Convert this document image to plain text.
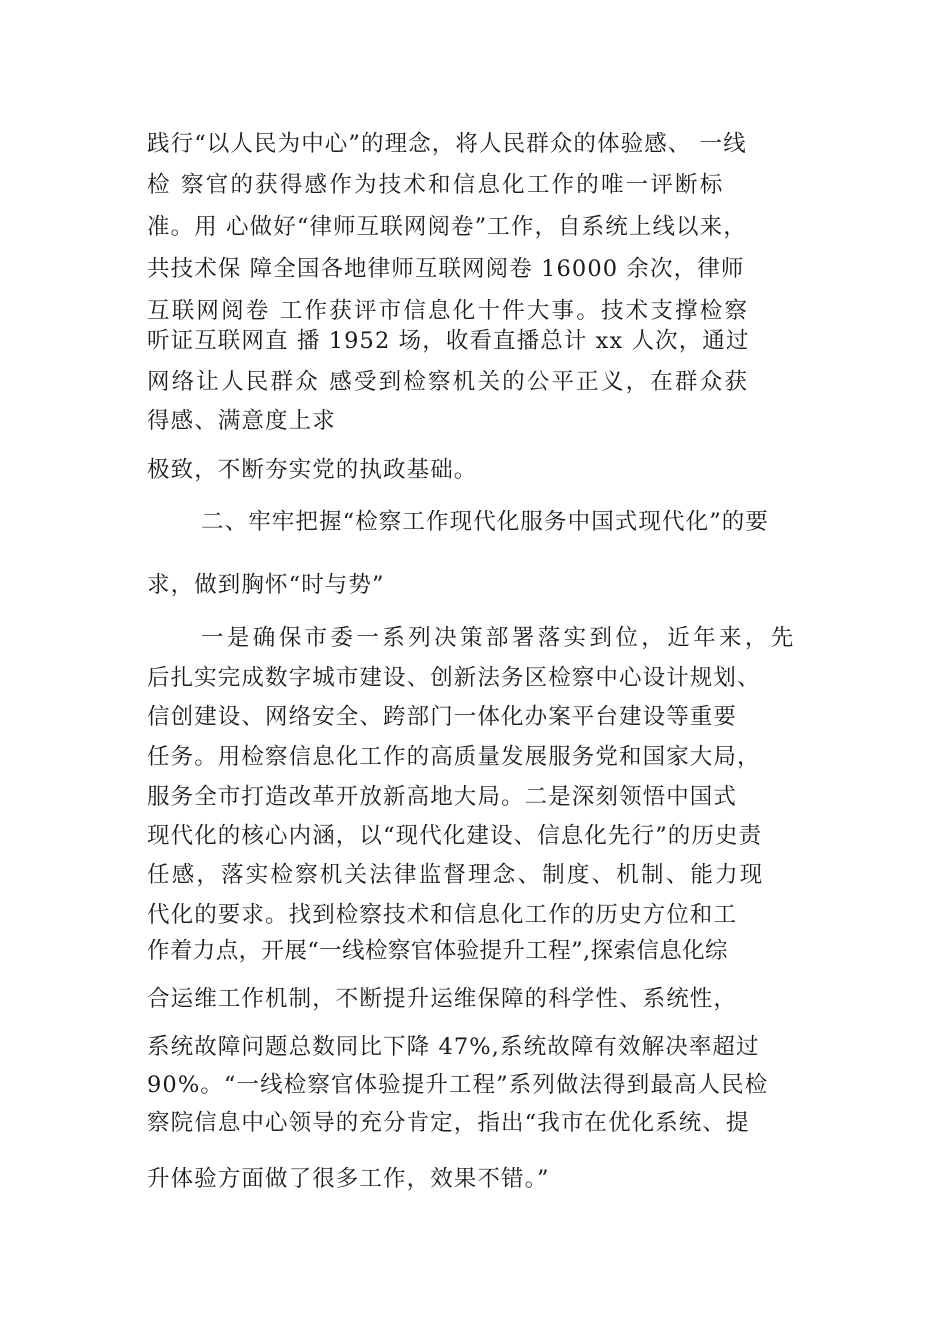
践行“以人民为中心”的理念，将人民群众的体验感、 一线
检 察官的获得感作为技术和信息化工作的唯一评断标
准。用 心做好“律师互联网阅卷”工作，自系统上线以来，
共技术保 障全国各地律师互联网阅卷 16000 余次，律师
互联网阅卷 工作获评市信息化十件大事。技术支撑检察
听证互联网直 播 1952 场，收看直播总计 xx 人次，通过
网络让人民群众 感受到检察机关的公平正义，在群众获
得感、满意度上求
极致，不断夯实党的执政基础。
二、牢牢把握“检察工作现代化服务中国式现代化”的要
求，做到胸怀“时与势”
一是确保市委一系列决策部署落实到位，近年来，先
后扎实完成数字城市建设、创新法务区检察中心设计规划、
信创建设、网络安全、跨部门一体化办案平台建设等重要
任务。用检察信息化工作的高质量发展服务党和国家大局，
服务全市打造改革开放新高地大局。二是深刻领悟中国式
现代化的核心内涵，以“现代化建设、信息化先行”的历史责
任感，落实检察机关法律监督理念、制度、机制、能力现
代化的要求。找到检察技术和信息化工作的历史方位和工
作着力点，开展“一线检察官体验提升工程”,探索信息化综
合运维工作机制，不断提升运维保障的科学性、系统性，
系统故障问题总数同比下降 47%,系统故障有效解决率超过
90%。“一线检察官体验提升工程”系列做法得到最高人民检
察院信息中心领导的充分肯定，指出“我市在优化系统、提
升体验方面做了很多工作，效果不错。”
